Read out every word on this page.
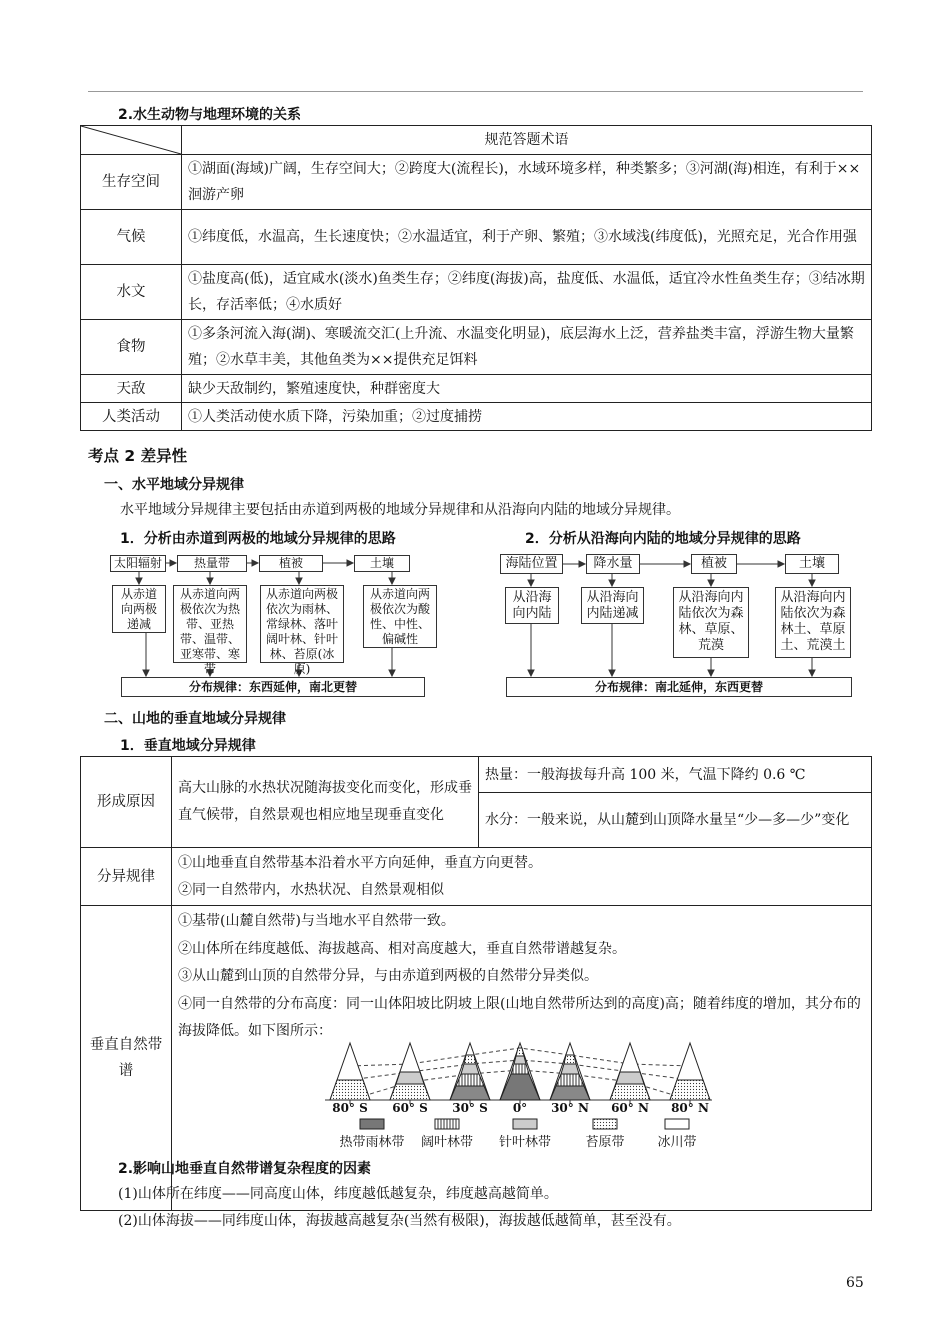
2.水生动物与地理环境的关系
	规范答题术语
生存空间	①湖面(海域)广阔，生存空间大；②跨度大(流程长)，水域环境多样，种类繁多；③河湖(海)相连，有利于××洄游产卵
气候	①纬度低，水温高，生长速度快；②水温适宜，利于产卵、繁殖；③水域浅(纬度低)，光照充足，光合作用强
水文	①盐度高(低)，适宜咸水(淡水)鱼类生存；②纬度(海拔)高，盐度低、水温低，适宜冷水性鱼类生存；③结冰期长，存活率低；④水质好
食物	①多条河流入海(湖)、寒暖流交汇(上升流、水温变化明显)，底层海水上泛，营养盐类丰富，浮游生物大量繁殖；②水草丰美，其他鱼类为××提供充足饵料
天敌	缺少天敌制约，繁殖速度快，种群密度大
人类活动	①人类活动使水质下降，污染加重；②过度捕捞
考点 2 差异性
一、水平地域分异规律
水平地域分异规律主要包括由赤道到两极的地域分异规律和从沿海向内陆的地域分异规律。
1．分析由赤道到两极的地域分异规律的思路
太阳辐射	热量带	植被	土壤
从赤道向两极递减
从赤道向两极依次为热带、亚热带、温带、亚寒带、寒带
从赤道向两极依次为雨林、常绿林、落叶阔叶林、针叶林、苔原(冰原)
从赤道向两极依次为酸性、中性、偏碱性
分布规律：东西延伸，南北更替
2．分析从沿海向内陆的地域分异规律的思路
海陆位置	降水量	植被	土壤
从沿海向内陆
从沿海向内陆递减
从沿海向内陆依次为森林、草原、荒漠
从沿海向内陆依次为森林土、草原土、荒漠土
分布规律：南北延伸，东西更替
二、山地的垂直地域分异规律
1．垂直地域分异规律
形成原因	高大山脉的水热状况随海拔变化而变化，形成垂直气候带，自然景观也相应地呈现垂直变化	热量：一般海拔每升高 100 米，气温下降约 0.6 ℃
		水分：一般来说，从山麓到山顶降水量呈“少—多—少”变化
分异规律	①山地垂直自然带基本沿着水平方向延伸，垂直方向更替。
②同一自然带内，水热状况、自然景观相似	

垂直自然带谱	①基带(山麓自然带)与当地水平自然带一致。
②山体所在纬度越低、海拔越高、相对高度越大，垂直自然带谱越复杂。
③从山麓到山顶的自然带分异，与由赤道到两极的自然带分异类似。
④同一自然带的分布高度：同一山体阳坡比阴坡上限(山地自然带所达到的高度)高；随着纬度的增加，其分布的海拔降低。如下图所示：	
80° S	60° S	30° S	0°	30° N	60° N	80° N
热带雨林带	阔叶林带	针叶林带	苔原带	冰川带
2.影响山地垂直自然带谱复杂程度的因素
(1)山体所在纬度——同高度山体，纬度越低越复杂，纬度越高越简单。
(2)山体海拔——同纬度山体，海拔越高越复杂(当然有极限)，海拔越低越简单，甚至没有。
65
